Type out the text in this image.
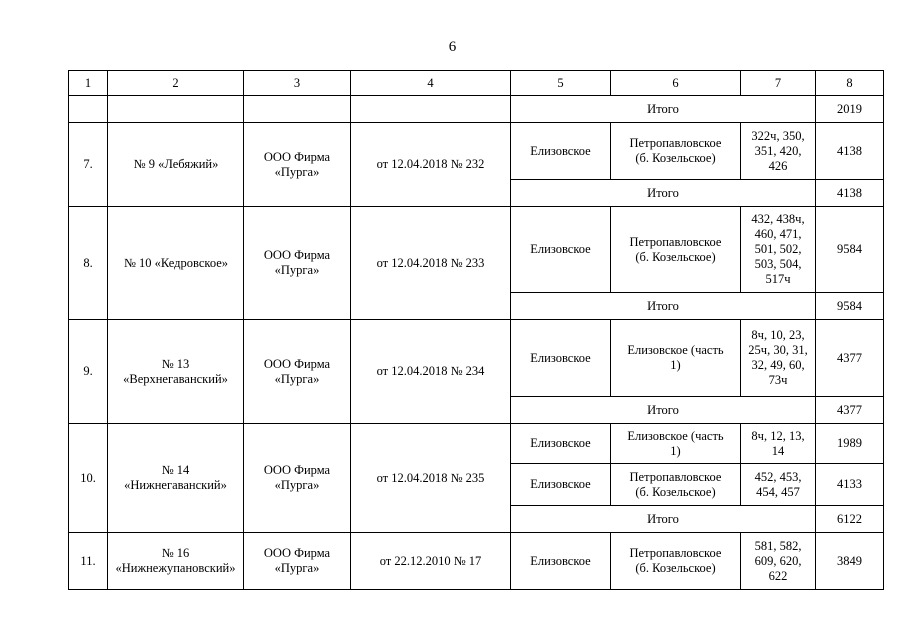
6
1	2	3	4	5	6	7	8
				Итого			2019
7.	№ 9 «Лебяжий»	ООО Фирма «Пурга»	от 12.04.2018 № 232	Елизовское	Петропавловское (б. Козельское)	322ч, 350, 351, 420, 426	4138
				Итого			4138
8.	№ 10 «Кедровское»	ООО Фирма «Пурга»	от 12.04.2018 № 233	Елизовское	Петропавловское (б. Козельское)	432, 438ч, 460, 471, 501, 502, 503, 504, 517ч	9584
				Итого			9584
9.	№ 13 «Верхнегаванский»	ООО Фирма «Пурга»	от 12.04.2018 № 234	Елизовское	Елизовское (часть 1)	8ч, 10, 23, 25ч, 30, 31, 32, 49, 60, 73ч	4377
				Итого			4377
10.	№ 14 «Нижнегаванский»	ООО Фирма «Пурга»	от 12.04.2018 № 235	Елизовское	Елизовское (часть 1)	8ч, 12, 13, 14	1989
				Елизовское	Петропавловское (б. Козельское)	452, 453, 454, 457	4133
				Итого			6122
11.	№ 16 «Нижнежупановский»	ООО Фирма «Пурга»	от 22.12.2010 № 17	Елизовское	Петропавловское (б. Козельское)	581, 582, 609, 620, 622	3849
